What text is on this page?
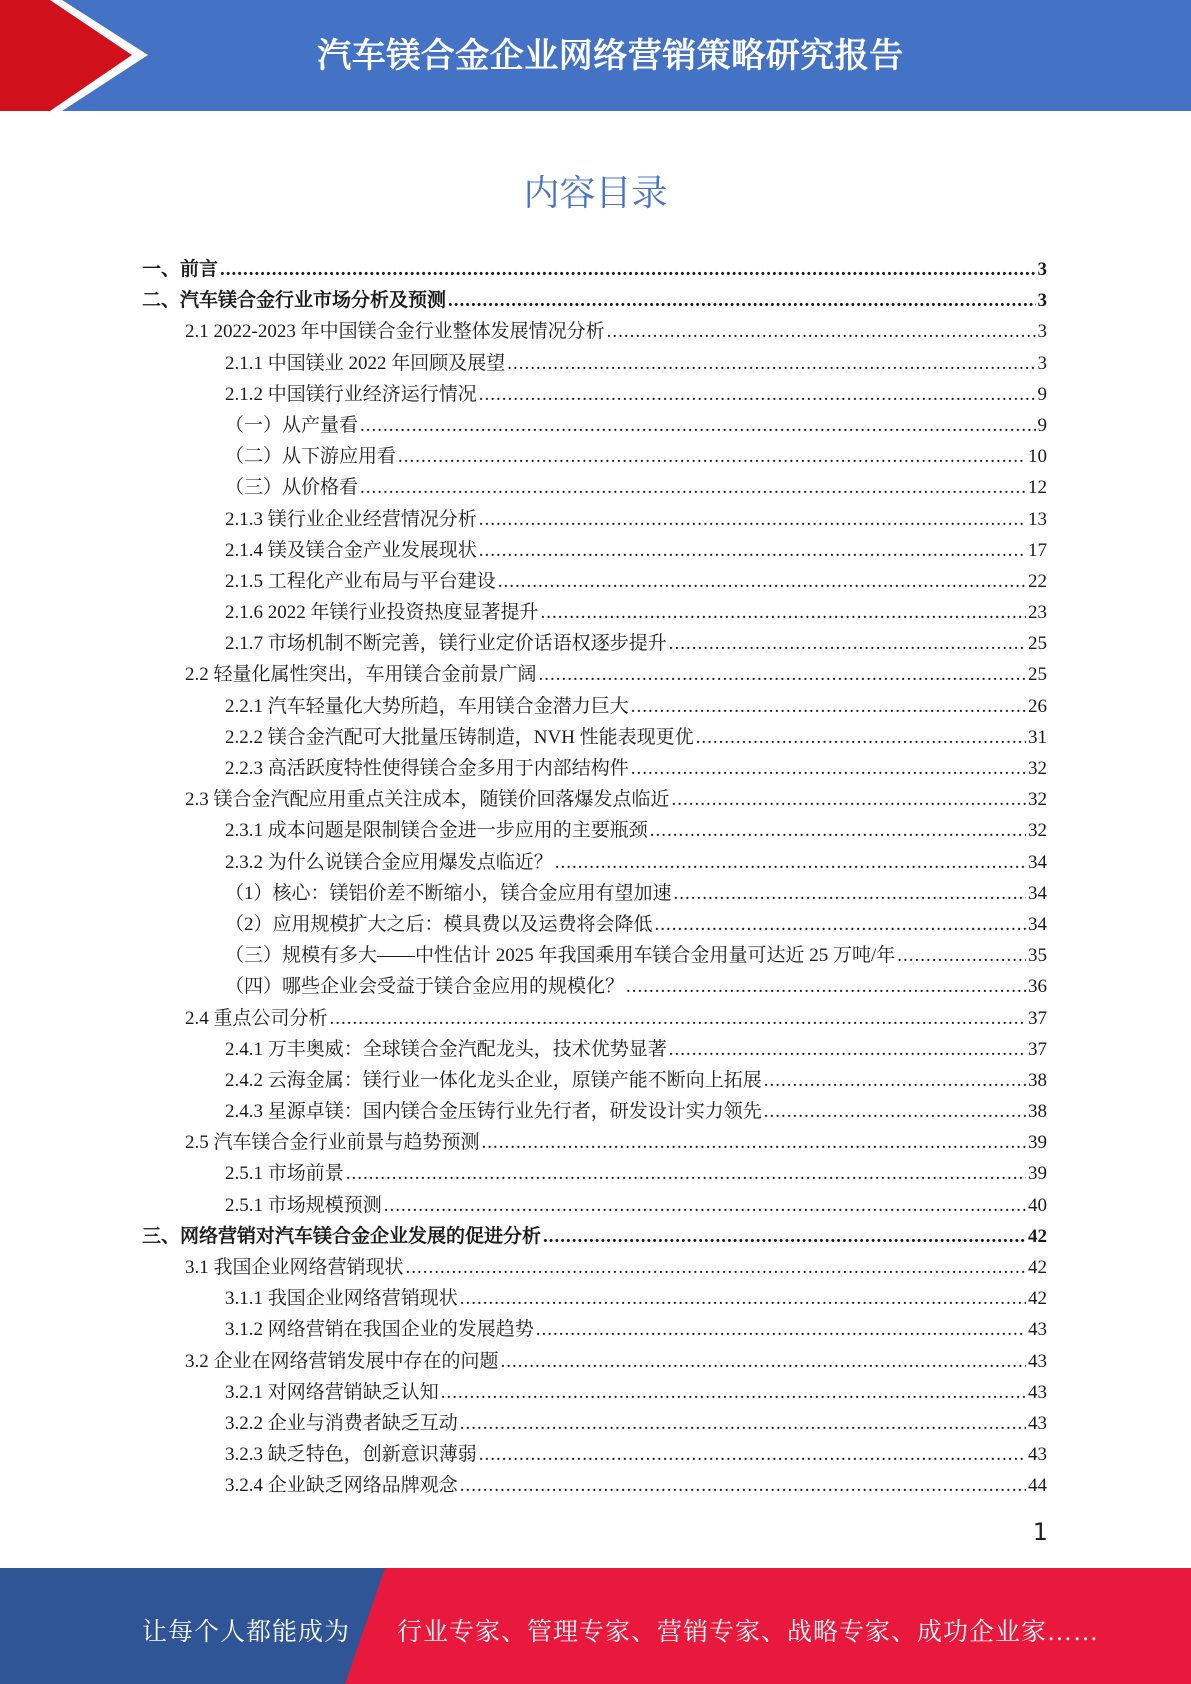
汽车镁合金企业网络营销策略研究报告
内容目录
一、前言 .....	3
二、汽车镁合金行业市场分析及预测 .....	3
2.1 2022-2023 年中国镁合金行业整体发展情况分析 .....	3
2.1.1 中国镁业 2022 年回顾及展望 .....	3
2.1.2 中国镁行业经济运行情况 .....	9
（一）从产量看 .....	9
（二）从下游应用看 .....	10
（三）从价格看 .....	12
2.1.3 镁行业企业经营情况分析 .....	13
2.1.4 镁及镁合金产业发展现状 .....	17
2.1.5 工程化产业布局与平台建设 .....	22
2.1.6 2022 年镁行业投资热度显著提升 .....	23
2.1.7 市场机制不断完善，镁行业定价话语权逐步提升 .....	25
2.2 轻量化属性突出，车用镁合金前景广阔 .....	25
2.2.1 汽车轻量化大势所趋，车用镁合金潜力巨大 .....	26
2.2.2 镁合金汽配可大批量压铸制造，NVH 性能表现更优 .....	31
2.2.3 高活跃度特性使得镁合金多用于内部结构件 .....	32
2.3 镁合金汽配应用重点关注成本，随镁价回落爆发点临近 .....	32
2.3.1 成本问题是限制镁合金进一步应用的主要瓶颈 .....	32
2.3.2 为什么说镁合金应用爆发点临近？ .....	34
（1）核心：镁铝价差不断缩小，镁合金应用有望加速 .....	34
（2）应用规模扩大之后：模具费以及运费将会降低 .....	34
（三）规模有多大——中性估计 2025 年我国乘用车镁合金用量可达近 25 万吨/年 .....	35
（四）哪些企业会受益于镁合金应用的规模化？ .....	36
2.4 重点公司分析 .....	37
2.4.1 万丰奥威：全球镁合金汽配龙头，技术优势显著 .....	37
2.4.2 云海金属：镁行业一体化龙头企业，原镁产能不断向上拓展 .....	38
2.4.3 星源卓镁：国内镁合金压铸行业先行者，研发设计实力领先 .....	38
2.5 汽车镁合金行业前景与趋势预测 .....	39
2.5.1 市场前景 .....	39
2.5.1 市场规模预测 .....	40
三、网络营销对汽车镁合金企业发展的促进分析 .....	42
3.1 我国企业网络营销现状 .....	42
3.1.1 我国企业网络营销现状 .....	42
3.1.2 网络营销在我国企业的发展趋势 .....	43
3.2 企业在网络营销发展中存在的问题 .....	43
3.2.1 对网络营销缺乏认知 .....	43
3.2.2 企业与消费者缺乏互动 .....	43
3.2.3 缺乏特色，创新意识薄弱 .....	43
3.2.4 企业缺乏网络品牌观念 .....	44
1
让每个人都能成为 行业专家、管理专家、营销专家、战略专家、成功企业家……
